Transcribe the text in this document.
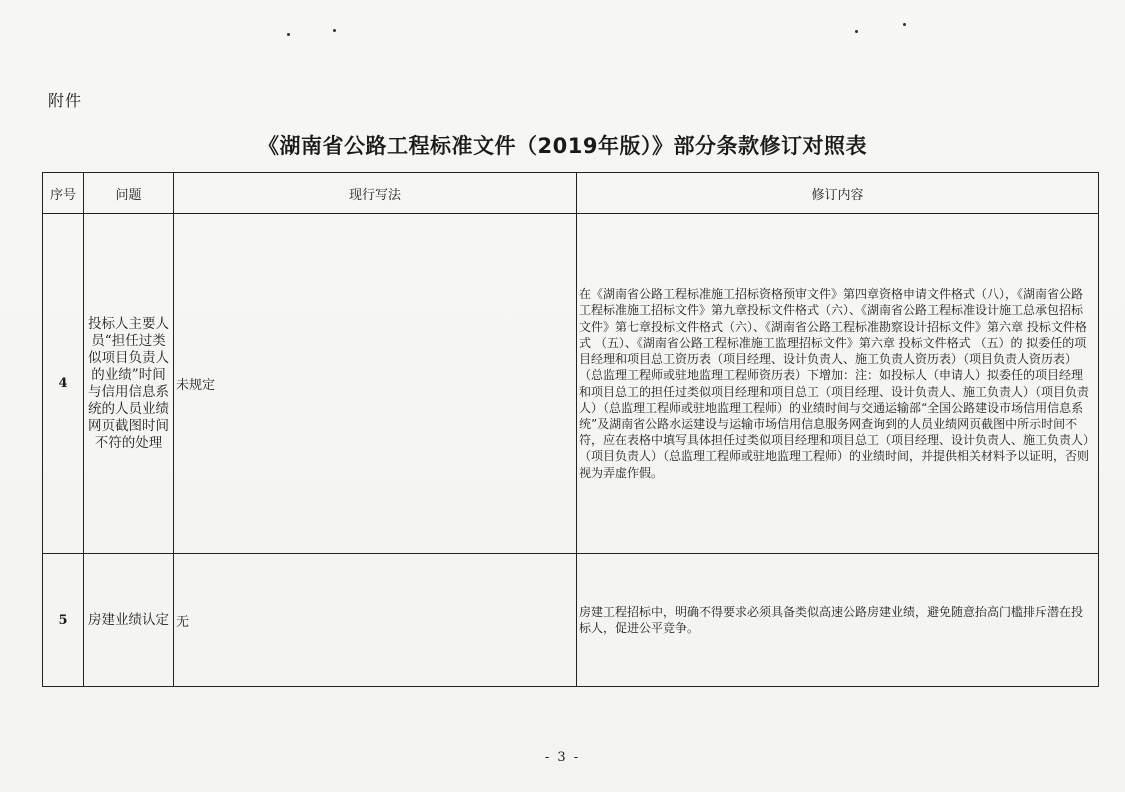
附件
《湖南省公路工程标准文件（2019年版）》部分条款修订对照表
序号	问题	现行写法	修订内容
4	投标人主要人员“担任过类似项目负责人的业绩”时间与信用信息系统的人员业绩网页截图时间不符的处理	未规定	在《湖南省公路工程标准施工招标资格预审文件》第四章资格申请文件格式（八），《湖南省公路工程标准施工招标文件》第九章投标文件格式（六）、《湖南省公路工程标准设计施工总承包招标文件》第七章投标文件格式（六）、《湖南省公路工程标准勘察设计招标文件》第六章 投标文件格式 （五）、《湖南省公路工程标准施工监理招标文件》第六章 投标文件格式 （五）的 拟委任的项目经理和项目总工资历表（项目经理、设计负责人、施工负责人资历表）（项目负责人资历表）（总监理工程师或驻地监理工程师资历表）下增加：注：如投标人（申请人）拟委任的项目经理和项目总工的担任过类似项目经理和项目总工（项目经理、设计负责人、施工负责人）（项目负责人）（总监理工程师或驻地监理工程师）的业绩时间与交通运输部“全国公路建设市场信用信息系统”及湖南省公路水运建设与运输市场信用信息服务网查询到的人员业绩网页截图中所示时间不符，应在表格中填写具体担任过类似项目经理和项目总工（项目经理、设计负责人、施工负责人）（项目负责人）（总监理工程师或驻地监理工程师）的业绩时间，并提供相关材料予以证明，否则视为弄虚作假。
5	房建业绩认定	无	房建工程招标中，明确不得要求必须具备类似高速公路房建业绩，避免随意抬高门槛排斥潜在投标人，促进公平竞争。
- 3 -
